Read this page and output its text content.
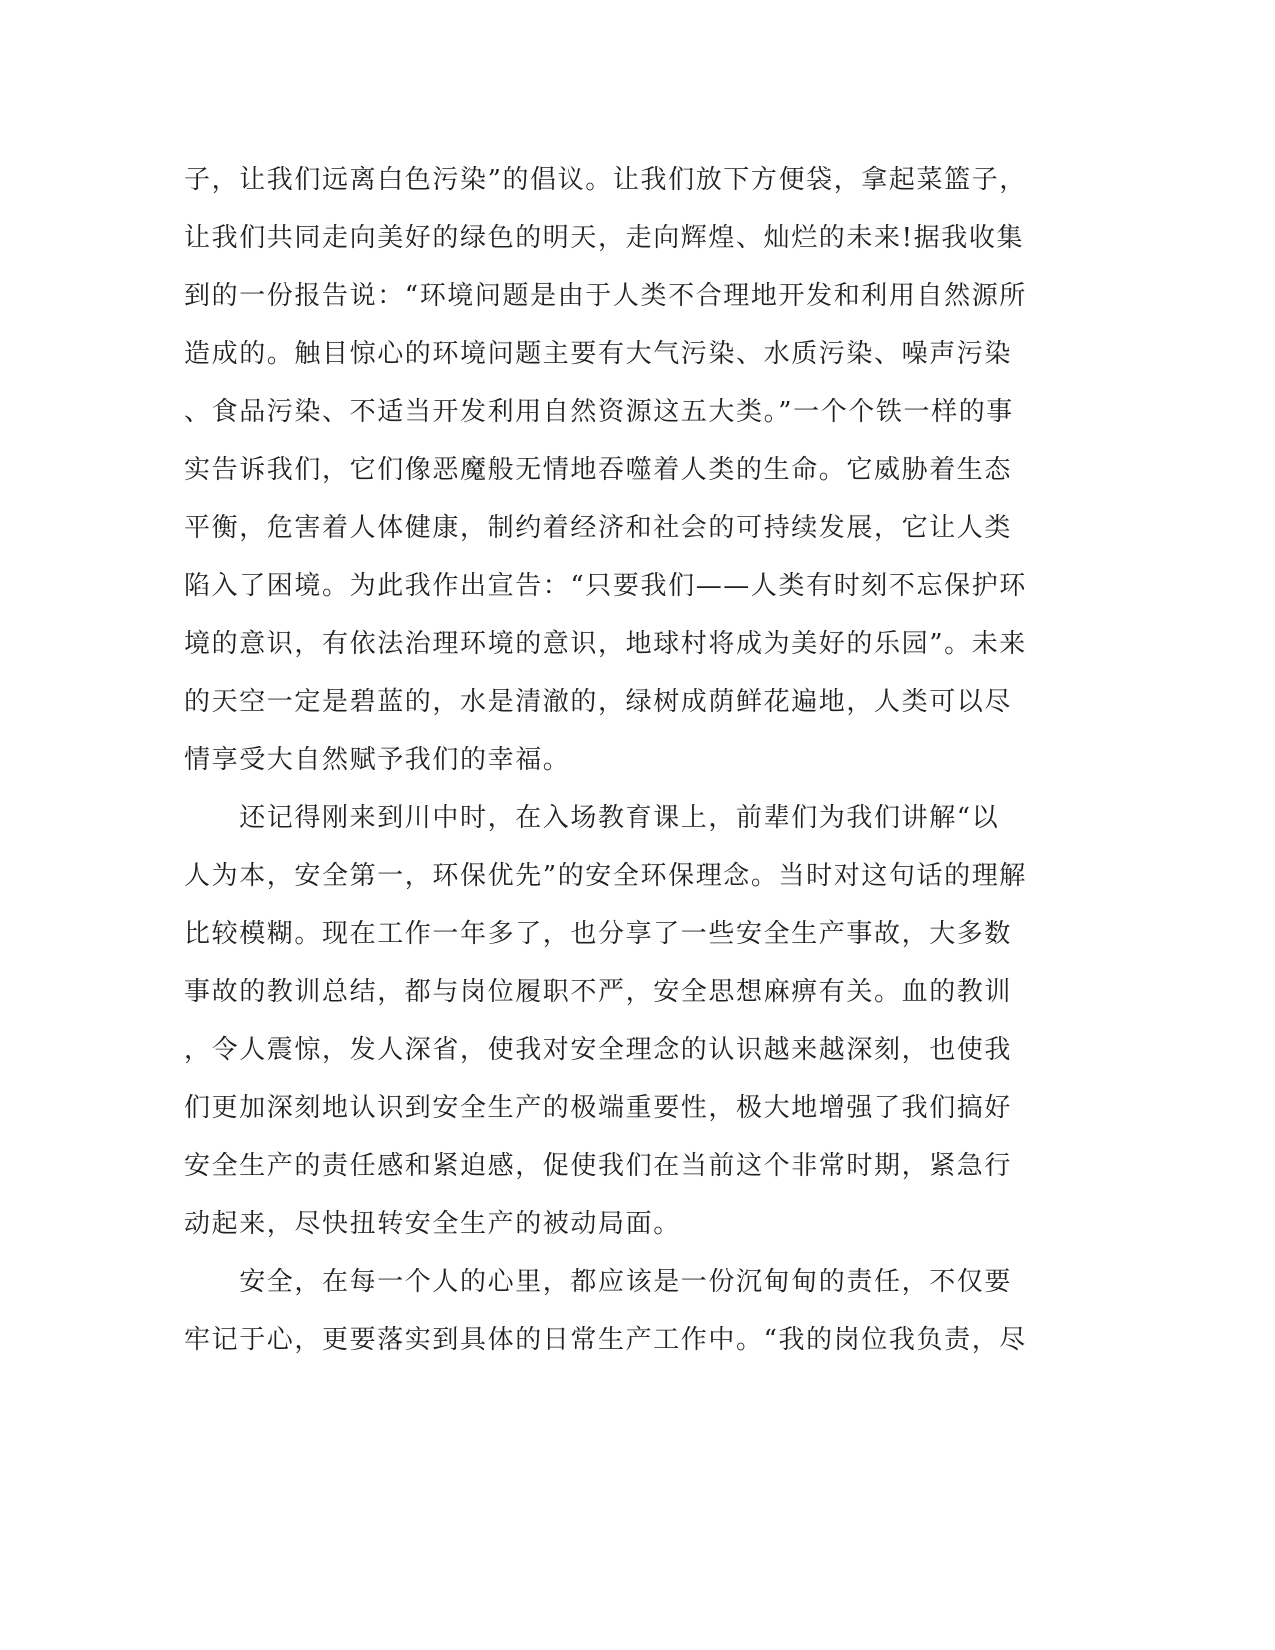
子，让我们远离白色污染”的倡议。让我们放下方便袋，拿起菜篮子，
让我们共同走向美好的绿色的明天，走向辉煌、灿烂的未来!据我收集
到的一份报告说：“环境问题是由于人类不合理地开发和利用自然源所
造成的。触目惊心的环境问题主要有大气污染、水质污染、噪声污染
、食品污染、不适当开发利用自然资源这五大类。”一个个铁一样的事
实告诉我们，它们像恶魔般无情地吞噬着人类的生命。它威胁着生态
平衡，危害着人体健康，制约着经济和社会的可持续发展，它让人类
陷入了困境。为此我作出宣告：“只要我们——人类有时刻不忘保护环
境的意识，有依法治理环境的意识，地球村将成为美好的乐园”。未来
的天空一定是碧蓝的，水是清澈的，绿树成荫鲜花遍地，人类可以尽
情享受大自然赋予我们的幸福。
　　还记得刚来到川中时，在入场教育课上，前辈们为我们讲解“以
人为本，安全第一，环保优先”的安全环保理念。当时对这句话的理解
比较模糊。现在工作一年多了，也分享了一些安全生产事故，大多数
事故的教训总结，都与岗位履职不严，安全思想麻痹有关。血的教训
，令人震惊，发人深省，使我对安全理念的认识越来越深刻，也使我
们更加深刻地认识到安全生产的极端重要性，极大地增强了我们搞好
安全生产的责任感和紧迫感，促使我们在当前这个非常时期，紧急行
动起来，尽快扭转安全生产的被动局面。
　　安全，在每一个人的心里，都应该是一份沉甸甸的责任，不仅要
牢记于心，更要落实到具体的日常生产工作中。“我的岗位我负责，尽
